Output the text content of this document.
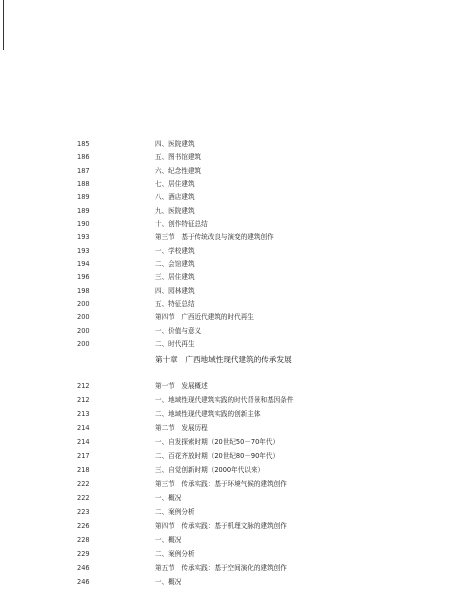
185	四、医院建筑
186	五、图书馆建筑
187	六、纪念性建筑
188	七、居住建筑
189	八、酒店建筑
189	九、医院建筑
190	十、创作特征总结
193	第三节　基于传统改良与演变的建筑创作
193	一、学校建筑
194	二、会馆建筑
196	三、居住建筑
198	四、园林建筑
200	五、特征总结
200	第四节　广西近代建筑的时代再生
200	一、价值与意义
200	二、时代再生
第十章　广西地域性现代建筑的传承发展
212	第一节　发展概述
212	一、地域性现代建筑实践的时代背景和基因条件
213	二、地域性现代建筑实践的创新主体
214	第二节　发展历程
214	一、自发探索时期（20世纪50－70年代）
217	二、百花齐放时期（20世纪80－90年代）
218	三、自觉创新时期（2000年代以来）
222	第三节　传承实践：基于环境气候的建筑创作
222	一、概况
223	二、案例分析
226	第四节　传承实践：基于机理文脉的建筑创作
228	一、概况
229	二、案例分析
246	第五节　传承实践：基于空间演化的建筑创作
246	一、概况
